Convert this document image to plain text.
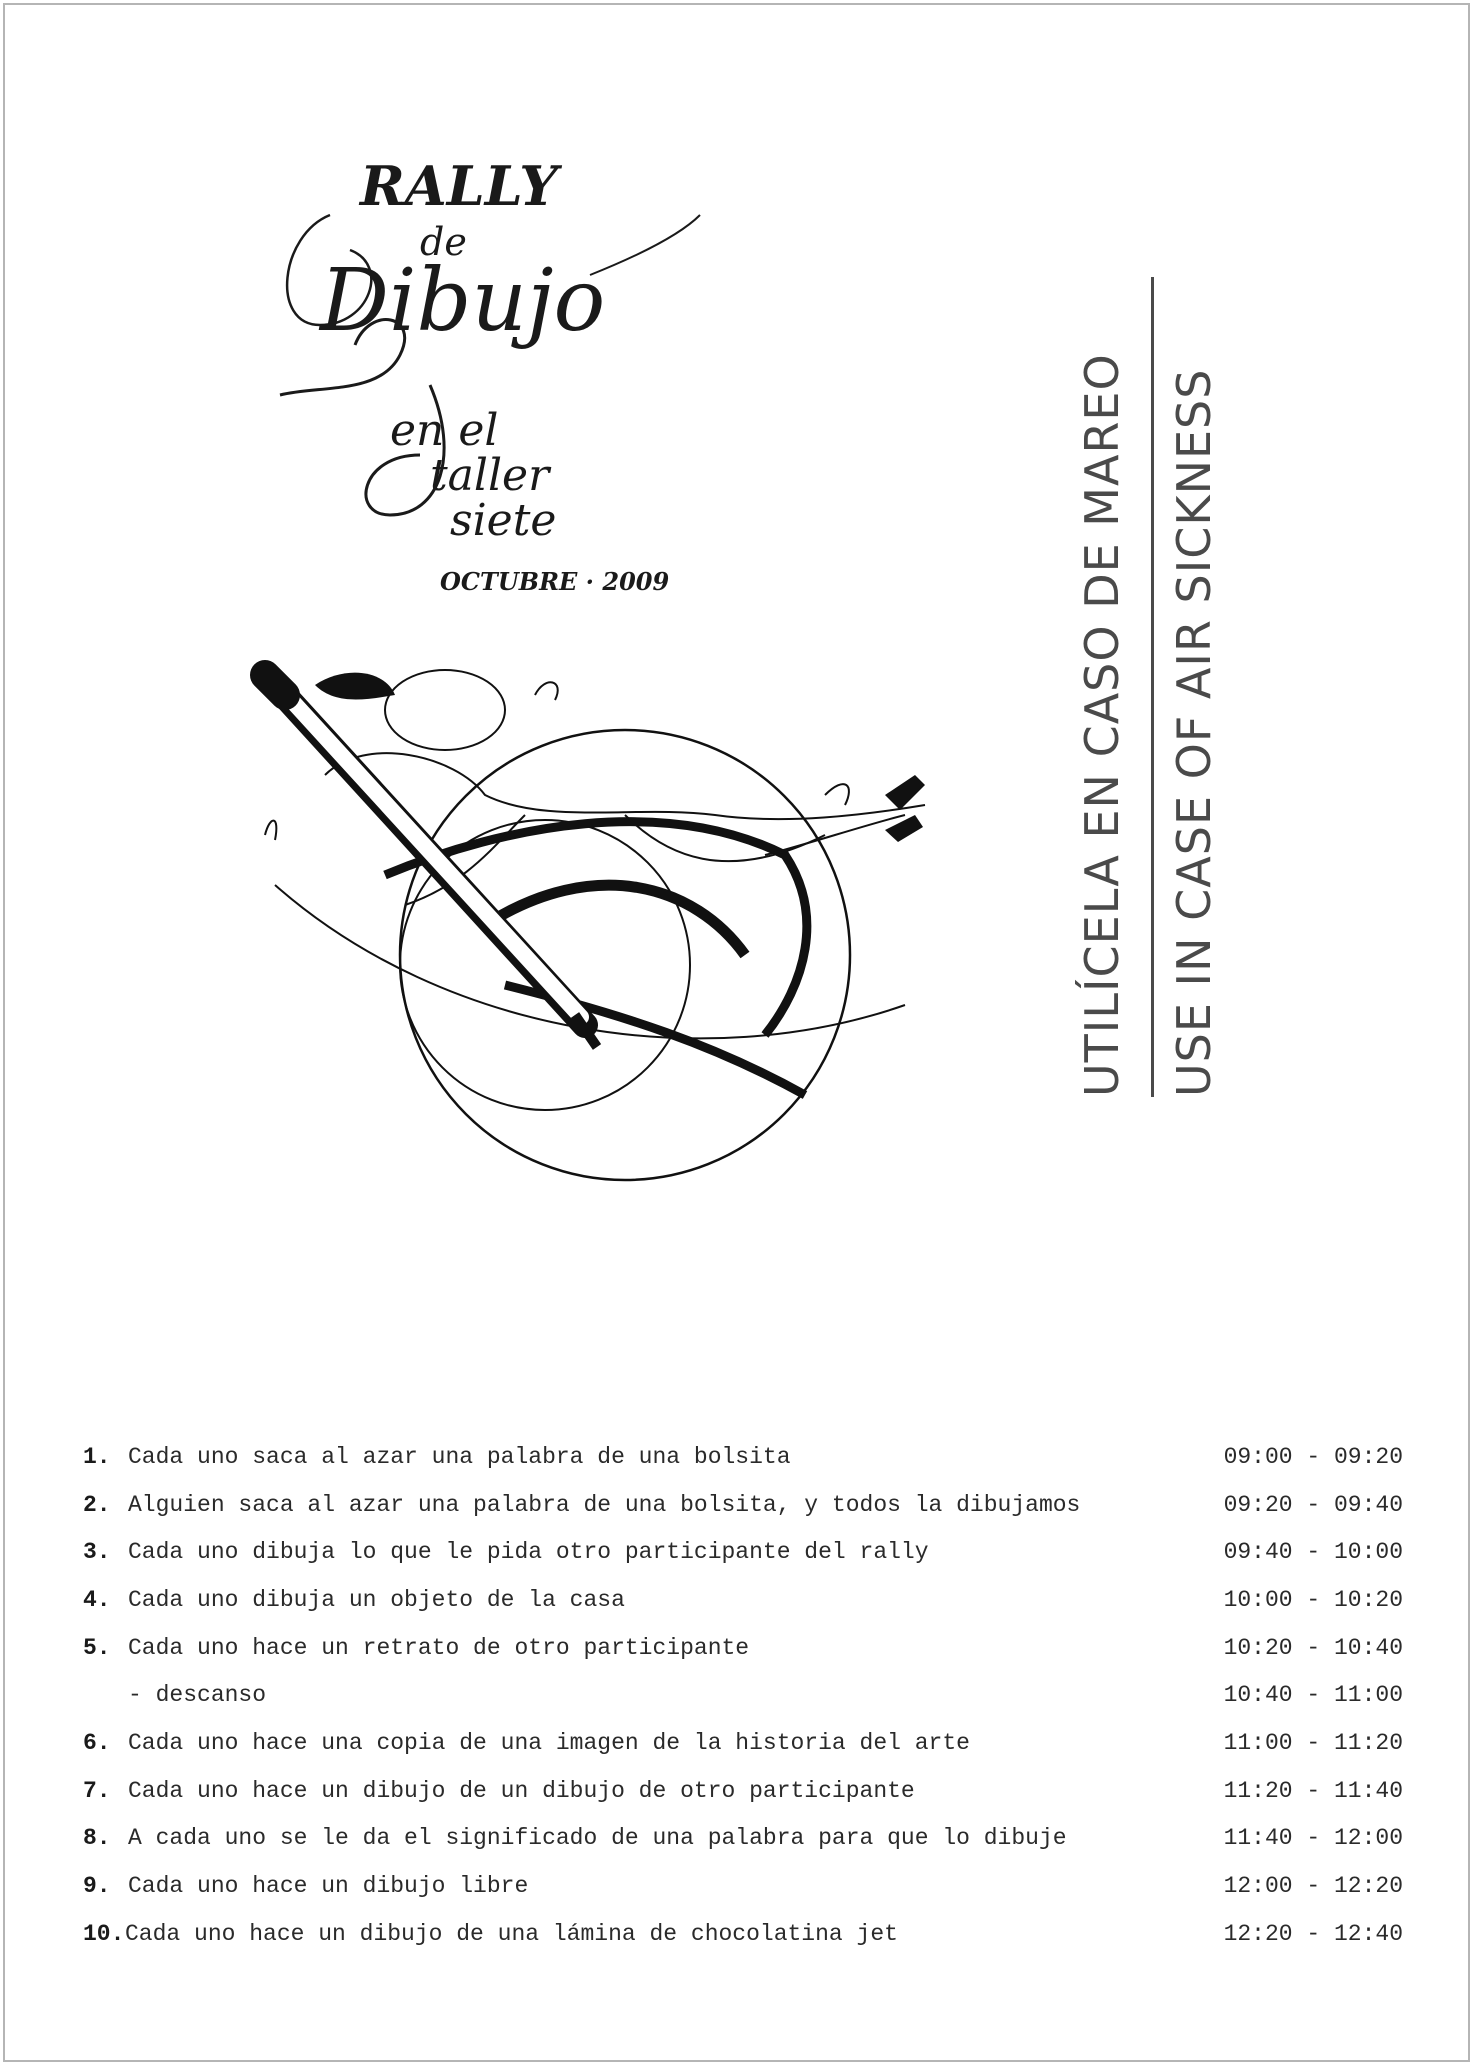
RALLY
de
Dibujo
en el
taller
siete
OCTUBRE · 2009	UTILÍCELA EN CASO DE MAREO USE IN CASE OF AIR SICKNESS
1. Cada uno saca al azar una palabra de una bolsita	09:00 - 09:20
2. Alguien saca al azar una palabra de una bolsita, y todos la dibujamos	09:20 - 09:40
3. Cada uno dibuja lo que le pida otro participante del rally	09:40 - 10:00
4. Cada uno dibuja un objeto de la casa	10:00 - 10:20
5. Cada uno hace un retrato de otro participante	10:20 - 10:40
- descanso	10:40 - 11:00
6. Cada uno hace una copia de una imagen de la historia del arte	11:00 - 11:20
7. Cada uno hace un dibujo de un dibujo de otro participante	11:20 - 11:40
8. A cada uno se le da el significado de una palabra para que lo dibuje	11:40 - 12:00
9. Cada uno hace un dibujo libre	12:00 - 12:20
10. Cada uno hace un dibujo de una lámina de chocolatina jet	12:20 - 12:40
